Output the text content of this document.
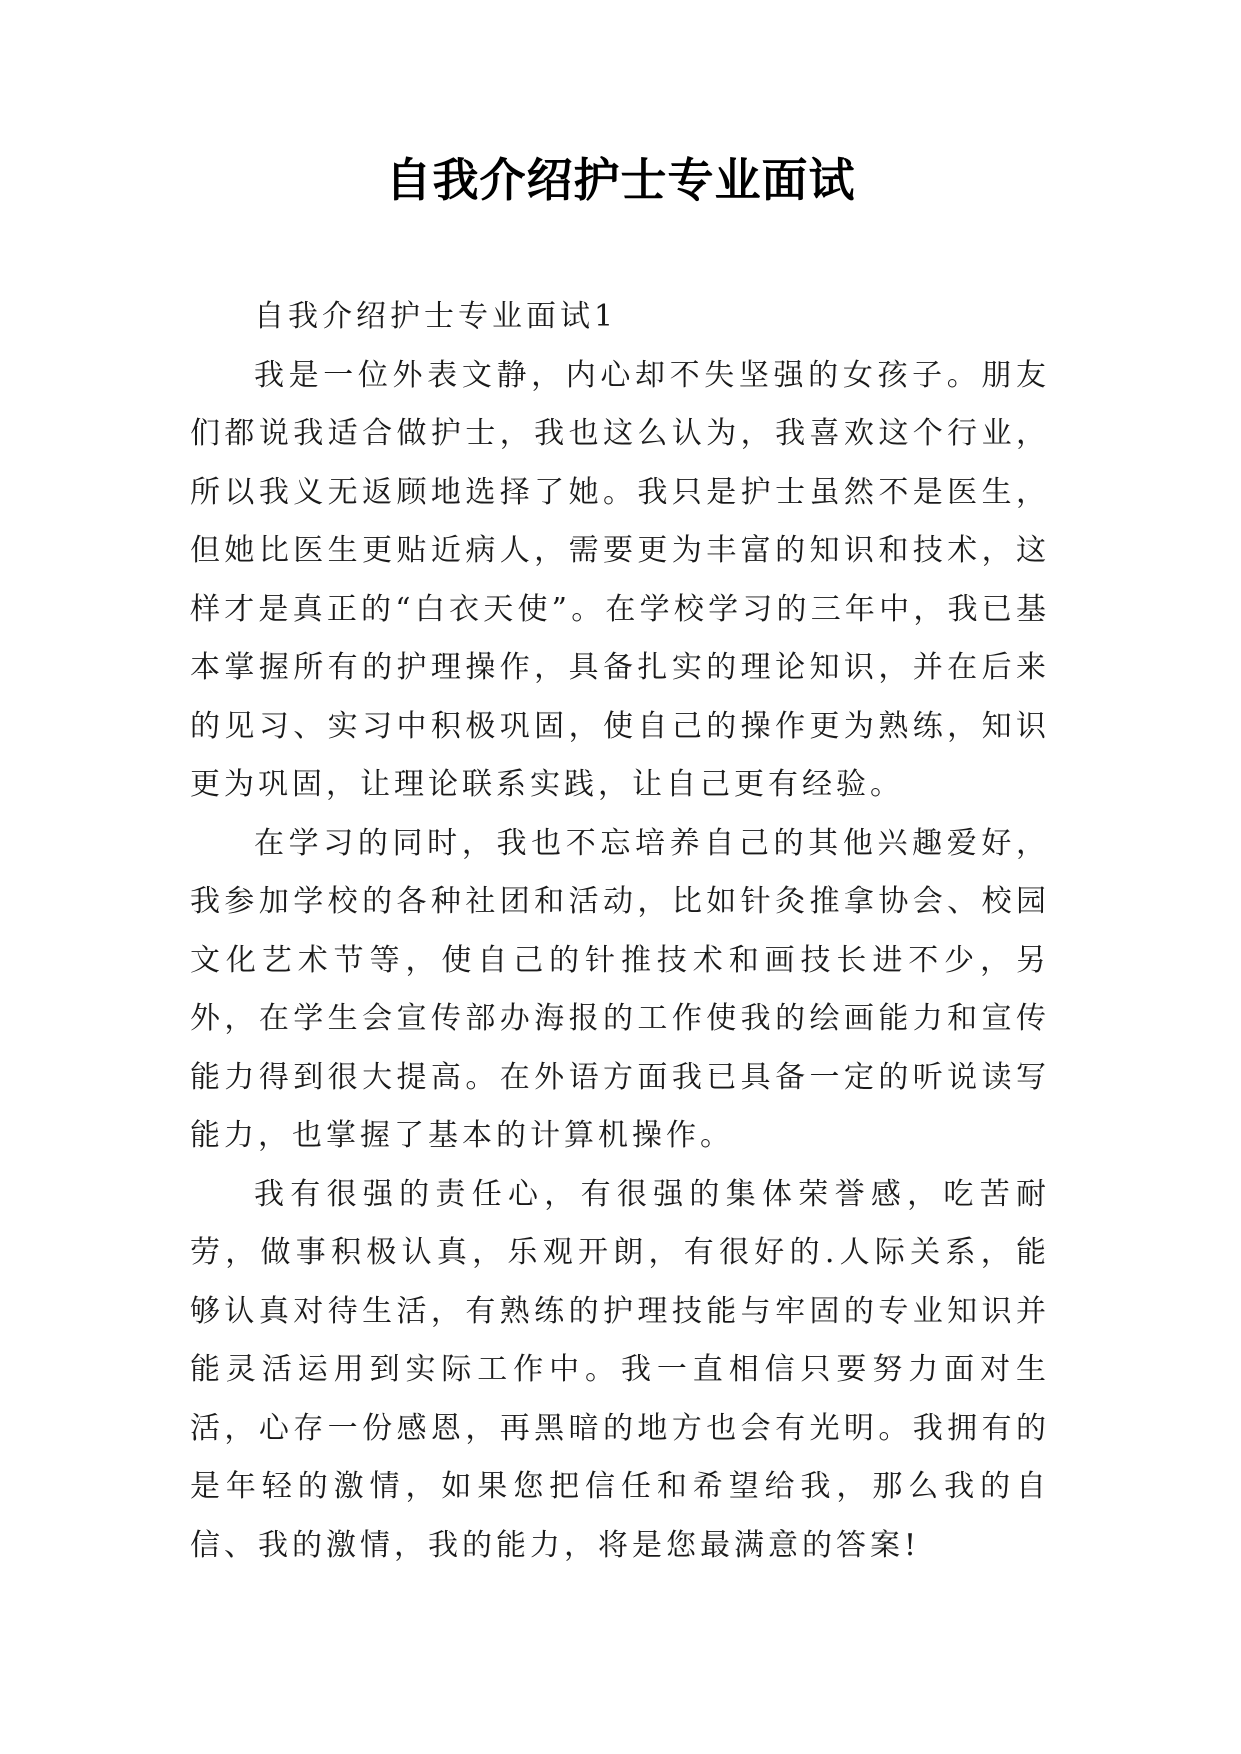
自我介绍护士专业面试
自我介绍护士专业面试1

我是一位外表文静，内心却不失坚强的女孩子。朋友们都说我适合做护士，我也这么认为，我喜欢这个行业，所以我义无返顾地选择了她。我只是护士虽然不是医生，但她比医生更贴近病人，需要更为丰富的知识和技术，这样才是真正的“白衣天使”。在学校学习的三年中，我已基本掌握所有的护理操作，具备扎实的理论知识，并在后来的见习、实习中积极巩固，使自己的操作更为熟练，知识更为巩固，让理论联系实践，让自己更有经验。

在学习的同时，我也不忘培养自己的其他兴趣爱好，我参加学校的各种社团和活动，比如针灸推拿协会、校园文化艺术节等，使自己的针推技术和画技长进不少，另外，在学生会宣传部办海报的工作使我的绘画能力和宣传能力得到很大提高。在外语方面我已具备一定的听说读写能力，也掌握了基本的计算机操作。

我有很强的责任心，有很强的集体荣誉感，吃苦耐劳，做事积极认真，乐观开朗，有很好的.人际关系，能够认真对待生活，有熟练的护理技能与牢固的专业知识并能灵活运用到实际工作中。我一直相信只要努力面对生活，心存一份感恩，再黑暗的地方也会有光明。我拥有的是年轻的激情，如果您把信任和希望给我，那么我的自信、我的激情，我的能力，将是您最满意的答案!
